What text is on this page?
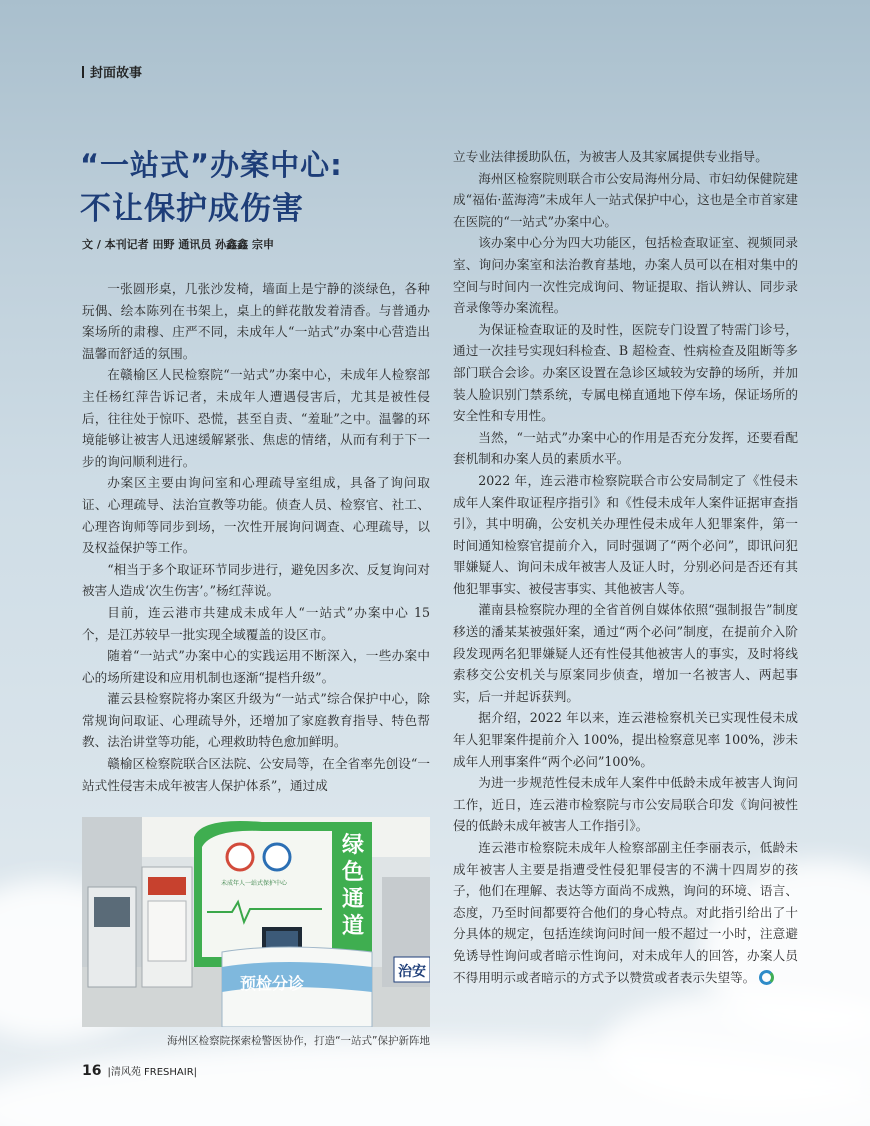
封面故事
“一站式”办案中心:
不让保护成伤害
文 / 本刊记者 田野 通讯员 孙鑫鑫 宗申

一张圆形桌，几张沙发椅，墙面上是宁静的淡绿色，各种玩偶、绘本陈列在书架上，桌上的鲜花散发着清香。与普通办案场所的肃穆、庄严不同，未成年人“一站式”办案中心营造出温馨而舒适的氛围。

在赣榆区人民检察院“一站式”办案中心，未成年人检察部主任杨红萍告诉记者，未成年人遭遇侵害后，尤其是被性侵后，往往处于惊吓、恐慌，甚至自责、“羞耻”之中。温馨的环境能够让被害人迅速缓解紧张、焦虑的情绪，从而有利于下一步的询问顺利进行。

办案区主要由询问室和心理疏导室组成，具备了询问取证、心理疏导、法治宣教等功能。侦查人员、检察官、社工、心理咨询师等同步到场，一次性开展询问调查、心理疏导，以及权益保护等工作。

“相当于多个取证环节同步进行，避免因多次、反复询问对被害人造成‘次生伤害’。”杨红萍说。

目前，连云港市共建成未成年人“一站式”办案中心 15 个，是江苏较早一批实现全域覆盖的设区市。

随着“一站式”办案中心的实践运用不断深入，一些办案中心的场所建设和应用机制也逐渐“提档升级”。

灌云县检察院将办案区升级为“一站式”综合保护中心，除常规询问取证、心理疏导外，还增加了家庭教育指导、特色帮教、法治讲堂等功能，心理救助特色愈加鲜明。

赣榆区检察院联合区法院、公安局等，在全省率先创设“一站式性侵害未成年被害人保护体系”，通过成

未成年人一站式保护中心
绿
色
通
道
治安
预检分诊
海州区检察院探索检警医协作，打造“一站式”保护新阵地

立专业法律援助队伍，为被害人及其家属提供专业指导。

海州区检察院则联合市公安局海州分局、市妇幼保健院建成“福佑·蓝海湾”未成年人一站式保护中心，这也是全市首家建在医院的“一站式”办案中心。

该办案中心分为四大功能区，包括检查取证室、视频同录室、询问办案室和法治教育基地，办案人员可以在相对集中的空间与时间内一次性完成询问、物证提取、指认辨认、同步录音录像等办案流程。

为保证检查取证的及时性，医院专门设置了特需门诊号，通过一次挂号实现妇科检查、B 超检查、性病检查及阻断等多部门联合会诊。办案区设置在急诊区域较为安静的场所，并加装人脸识别门禁系统，专属电梯直通地下停车场，保证场所的安全性和专用性。

当然，“一站式”办案中心的作用是否充分发挥，还要看配套机制和办案人员的素质水平。

2022 年，连云港市检察院联合市公安局制定了《性侵未成年人案件取证程序指引》和《性侵未成年人案件证据审查指引》，其中明确，公安机关办理性侵未成年人犯罪案件，第一时间通知检察官提前介入，同时强调了“两个必问”，即讯问犯罪嫌疑人、询问未成年被害人及证人时，分别必问是否还有其他犯罪事实、被侵害事实、其他被害人等。

灌南县检察院办理的全省首例自媒体依照“强制报告”制度移送的潘某某被强奸案，通过“两个必问”制度，在提前介入阶段发现两名犯罪嫌疑人还有性侵其他被害人的事实，及时将线索移交公安机关与原案同步侦查，增加一名被害人、两起事实，后一并起诉获判。

据介绍，2022 年以来，连云港检察机关已实现性侵未成年人犯罪案件提前介入 100%，提出检察意见率 100%，涉未成年人刑事案件“两个必问”100%。

为进一步规范性侵未成年人案件中低龄未成年被害人询问工作，近日，连云港市检察院与市公安局联合印发《询问被性侵的低龄未成年被害人工作指引》。

连云港市检察院未成年人检察部副主任李丽表示，低龄未成年被害人主要是指遭受性侵犯罪侵害的不满十四周岁的孩子，他们在理解、表达等方面尚不成熟，询问的环境、语言、态度，乃至时间都要符合他们的身心特点。对此指引给出了十分具体的规定，包括连续询问时间一般不超过一小时，注意避免诱导性询问或者暗示性询问，对未成年人的回答，办案人员不得用明示或者暗示的方式予以赞赏或者表示失望等。

16 |清风苑 FRESHAIR|
